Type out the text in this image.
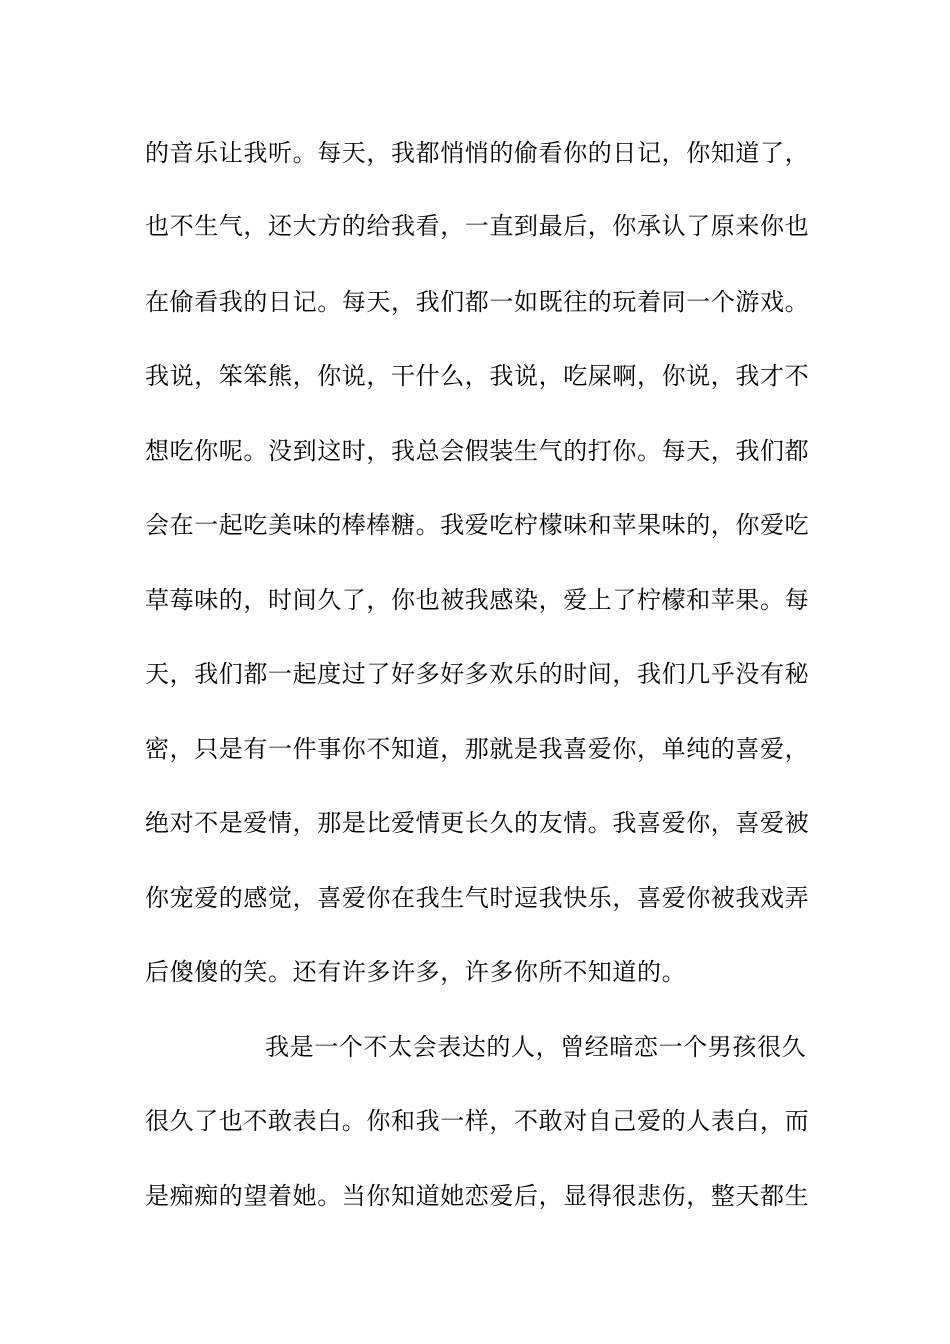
的音乐让我听。每天，我都悄悄的偷看你的日记，你知道了，
也不生气，还大方的给我看，一直到最后，你承认了原来你也
在偷看我的日记。每天，我们都一如既往的玩着同一个游戏。
我说，笨笨熊，你说，干什么，我说，吃屎啊，你说，我才不
想吃你呢。没到这时，我总会假装生气的打你。每天，我们都
会在一起吃美味的棒棒糖。我爱吃柠檬味和苹果味的，你爱吃
草莓味的，时间久了，你也被我感染，爱上了柠檬和苹果。每
天，我们都一起度过了好多好多欢乐的时间，我们几乎没有秘
密，只是有一件事你不知道，那就是我喜爱你，单纯的喜爱，
绝对不是爱情，那是比爱情更长久的友情。我喜爱你，喜爱被
你宠爱的感觉，喜爱你在我生气时逗我快乐，喜爱你被我戏弄
后傻傻的笑。还有许多许多，许多你所不知道的。
我是一个不太会表达的人，曾经暗恋一个男孩很久
很久了也不敢表白。你和我一样，不敢对自己爱的人表白，而
是痴痴的望着她。当你知道她恋爱后，显得很悲伤，整天都生
